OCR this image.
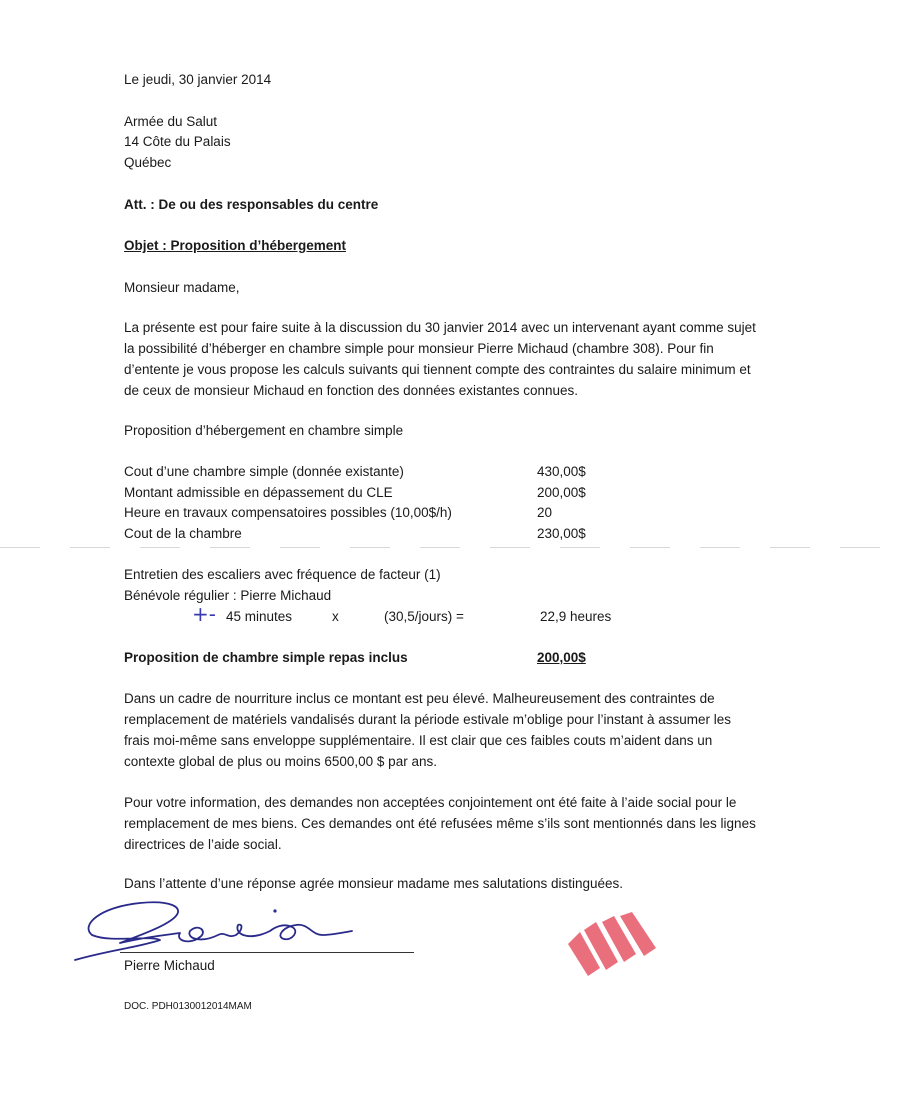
Le jeudi, 30 janvier 2014
Armée du Salut
14 Côte du Palais
Québec
Att. : De ou des responsables du centre
Objet : Proposition d’hébergement
Monsieur madame,
La présente est pour faire suite à la discussion du 30 janvier 2014 avec un intervenant ayant comme sujet
la possibilité d’héberger en chambre simple pour monsieur Pierre Michaud (chambre 308). Pour fin
d’entente je vous propose les calculs suivants qui tiennent compte des contraintes du salaire minimum et
de ceux de monsieur Michaud en fonction des données existantes connues.
Proposition d’hébergement en chambre simple
Cout d’une chambre simple (donnée existante)	430,00$
Montant admissible en dépassement du CLE	200,00$
Heure en travaux compensatoires possibles (10,00$/h)	20
Cout de la chambre	230,00$
Entretien des escaliers avec fréquence de facteur (1)
Bénévole régulier : Pierre Michaud
+- 45 minutes	x	(30,5/jours) =	22,9 heures
Proposition de chambre simple repas inclus	200,00$
Dans un cadre de nourriture inclus ce montant est peu élevé. Malheureusement des contraintes de
remplacement de matériels vandalisés durant la période estivale m’oblige pour l’instant à assumer les
frais moi-même sans enveloppe supplémentaire. Il est clair que ces faibles couts m’aident dans un
contexte global de plus ou moins 6500,00 $ par ans.
Pour votre information, des demandes non acceptées conjointement ont été faite à l’aide social pour le
remplacement de mes biens. Ces demandes ont été refusées même s’ils sont mentionnés dans les lignes
directrices de l’aide social.
Dans l’attente d’une réponse agrée monsieur madame mes salutations distinguées.
Pierre Michaud
DOC. PDH0130012014MAM
